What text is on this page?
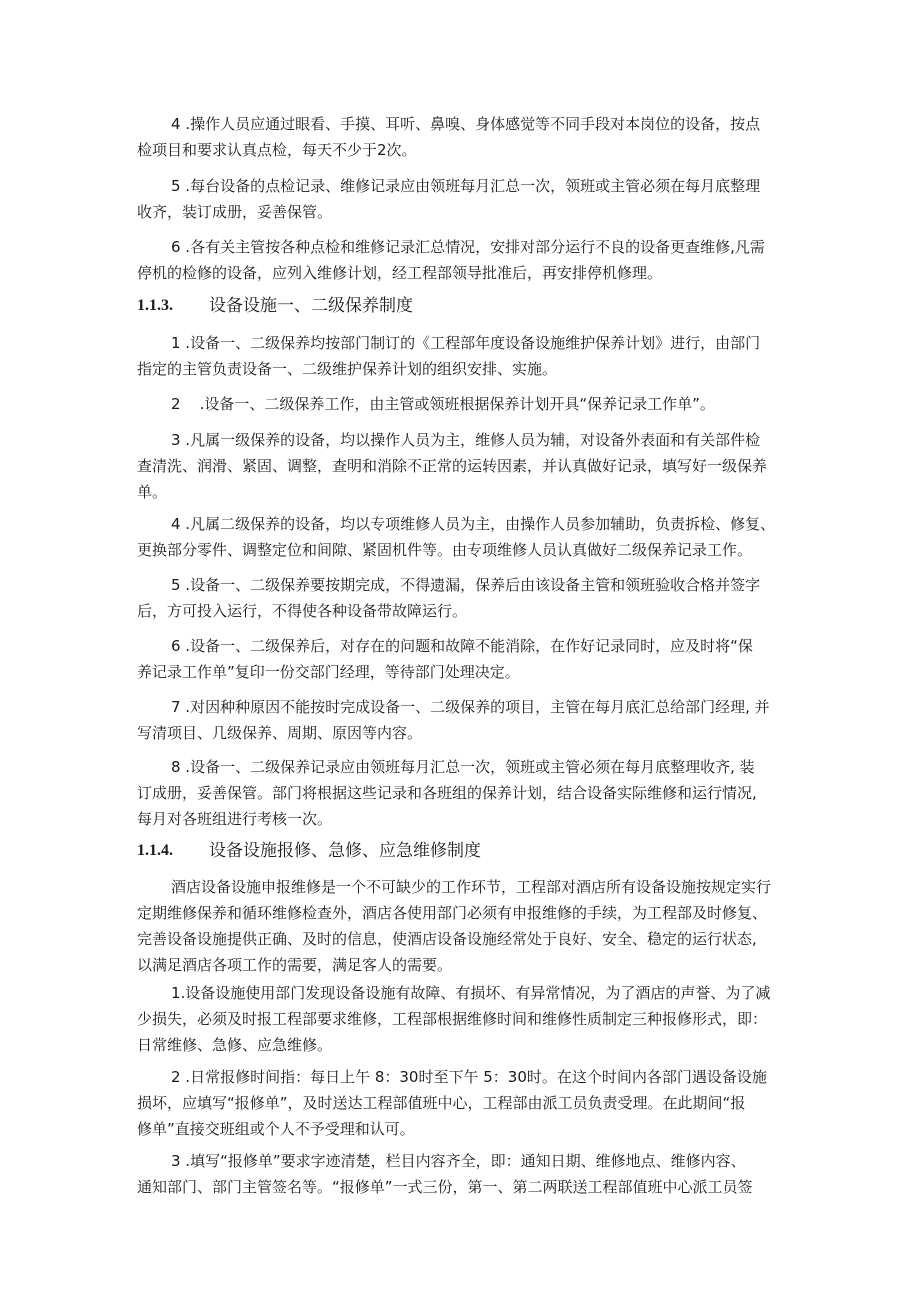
4 .操作人员应通过眼看、手摸、耳听、鼻嗅、身体感觉等不同手段对本岗位的设备，按点
检项目和要求认真点检，每天不少于2次。

5 .每台设备的点检记录、维修记录应由领班每月汇总一次，领班或主管必须在每月底整理
收齐，装订成册，妥善保管。

6 .各有关主管按各种点检和维修记录汇总情况，安排对部分运行不良的设备更查维修,凡需
停机的检修的设备，应列入维修计划，经工程部领导批准后，再安排停机修理。

1.1.3. 设备设施一、二级保养制度

1 .设备一、二级保养均按部门制订的《工程部年度设备设施维护保养计划》进行，由部门
指定的主管负责设备一、二级维护保养计划的组织安排、实施。

2    .设备一、二级保养工作，由主管或领班根据保养计划开具“保养记录工作单”。

3 .凡属一级保养的设备，均以操作人员为主，维修人员为辅，对设备外表面和有关部件检
查清洗、润滑、紧固、调整，查明和消除不正常的运转因素，并认真做好记录，填写好一级保养
单。

4 .凡属二级保养的设备，均以专项维修人员为主，由操作人员参加辅助，负责拆检、修复、
更换部分零件、调整定位和间隙、紧固机件等。由专项维修人员认真做好二级保养记录工作。

5 .设备一、二级保养要按期完成，不得遗漏，保养后由该设备主管和领班验收合格并签字
后，方可投入运行，不得使各种设备带故障运行。

6 .设备一、二级保养后，对存在的问题和故障不能消除，在作好记录同时，应及时将“保
养记录工作单”复印一份交部门经理，等待部门处理决定。

7 .对因种种原因不能按时完成设备一、二级保养的项目，主管在每月底汇总给部门经理, 并
写清项目、几级保养、周期、原因等内容。

8 .设备一、二级保养记录应由领班每月汇总一次，领班或主管必须在每月底整理收齐, 装
订成册，妥善保管。部门将根据这些记录和各班组的保养计划，结合设备实际维修和运行情况,
每月对各班组进行考核一次。

1.1.4. 设备设施报修、急修、应急维修制度

酒店设备设施申报维修是一个不可缺少的工作环节，工程部对酒店所有设备设施按规定实行
定期维修保养和循环维修检查外，酒店各使用部门必须有申报维修的手续，为工程部及时修复、
完善设备设施提供正确、及时的信息，使酒店设备设施经常处于良好、安全、稳定的运行状态,
以满足酒店各项工作的需要，满足客人的需要。

1.设备设施使用部门发现设备设施有故障、有损坏、有异常情况，为了酒店的声誉、为了减
少损失，必须及时报工程部要求维修，工程部根据维修时间和维修性质制定三种报修形式，即：
日常维修、急修、应急维修。

2 .日常报修时间指：每日上午 8：30时至下午 5：30时。在这个时间内各部门遇设备设施
损坏，应填写“报修单”，及时送达工程部值班中心，工程部由派工员负责受理。在此期间“报
修单”直接交班组或个人不予受理和认可。

3 .填写“报修单”要求字迹清楚，栏目内容齐全，即：通知日期、维修地点、维修内容、
通知部门、部门主管签名等。“报修单”一式三份，第一、第二两联送工程部值班中心派工员签
